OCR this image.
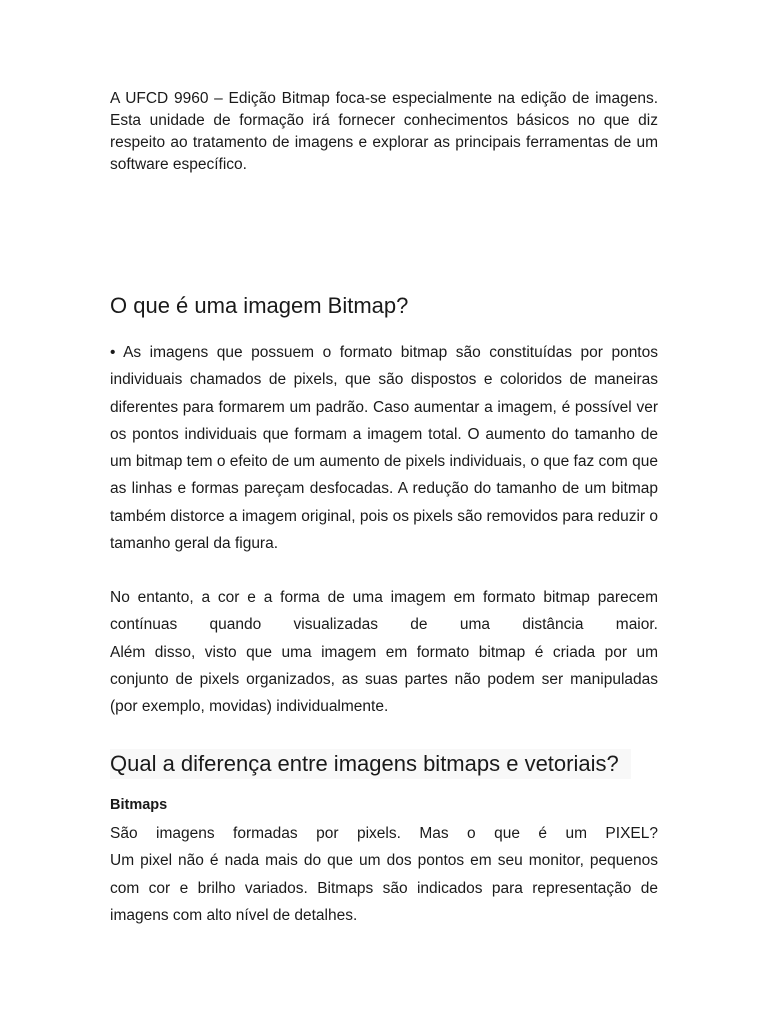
A UFCD 9960 – Edição Bitmap foca-se especialmente na edição de imagens. Esta unidade de formação irá fornecer conhecimentos básicos no que diz respeito ao tratamento de imagens e explorar as principais ferramentas de um software específico.

O que é uma imagem Bitmap?

• As imagens que possuem o formato bitmap são constituídas por pontos individuais chamados de pixels, que são dispostos e coloridos de maneiras diferentes para formarem um padrão. Caso aumentar a imagem, é possível ver os pontos individuais que formam a imagem total. O aumento do tamanho de um bitmap tem o efeito de um aumento de pixels individuais, o que faz com que as linhas e formas pareçam desfocadas. A redução do tamanho de um bitmap também distorce a imagem original, pois os pixels são removidos para reduzir o tamanho geral da figura.

No entanto, a cor e a forma de uma imagem em formato bitmap parecem contínuas quando visualizadas de uma distância maior.

Além disso, visto que uma imagem em formato bitmap é criada por um conjunto de pixels organizados, as suas partes não podem ser manipuladas (por exemplo, movidas) individualmente.

Qual a diferença entre imagens bitmaps e vetoriais?
Bitmaps

São imagens formadas por pixels. Mas o que é um PIXEL?

Um pixel não é nada mais do que um dos pontos em seu monitor, pequenos com cor e brilho variados. Bitmaps são indicados para representação de imagens com alto nível de detalhes.
